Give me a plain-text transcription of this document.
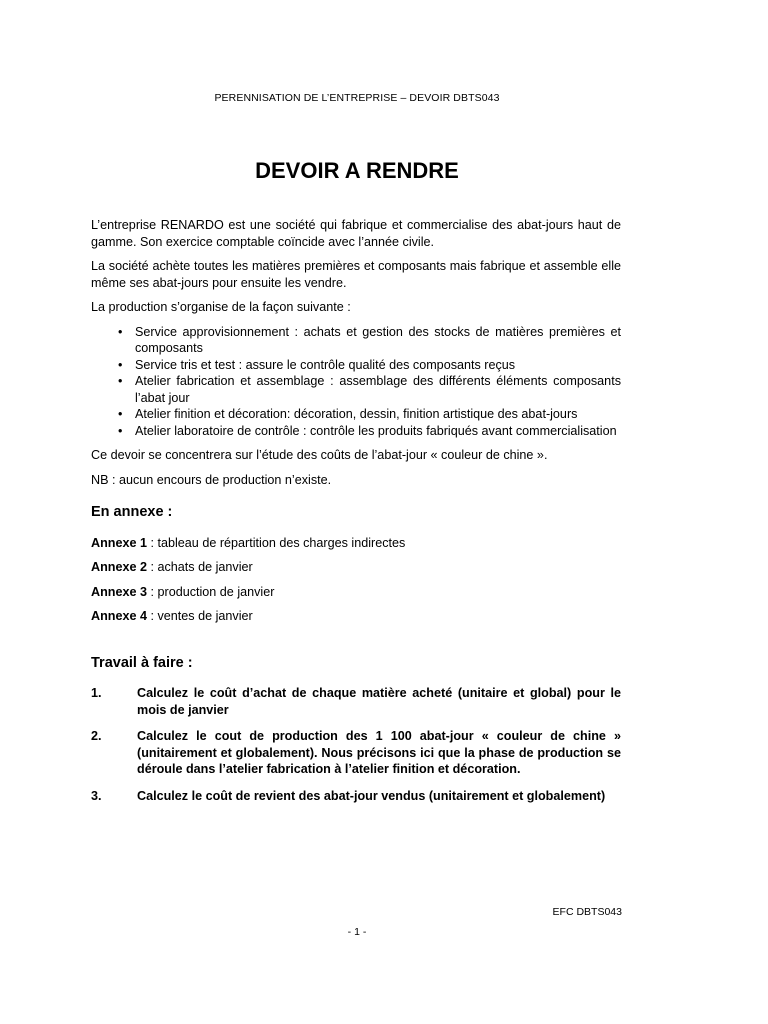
PERENNISATION DE L’ENTREPRISE – DEVOIR DBTS043
DEVOIR A RENDRE

L’entreprise RENARDO est une société qui fabrique et commercialise des abat-jours haut de gamme. Son exercice comptable coïncide avec l’année civile.

La société achète toutes les matières premières et composants mais fabrique et assemble elle même ses abat-jours pour ensuite les vendre.

La production s’organise de la façon suivante :

• Service approvisionnement : achats et gestion des stocks de matières premières et composants
• Service tris et test : assure le contrôle qualité des composants reçus
• Atelier fabrication et assemblage : assemblage des différents éléments composants l’abat jour
• Atelier finition et décoration: décoration, dessin, finition artistique des abat-jours
• Atelier laboratoire de contrôle : contrôle les produits fabriqués avant commercialisation

Ce devoir se concentrera sur l’étude des coûts de l’abat-jour « couleur de chine ».

NB : aucun encours de production n’existe.

En annexe :
Annexe 1 : tableau de répartition des charges indirectes
Annexe 2 : achats de janvier
Annexe 3 : production de janvier
Annexe 4 : ventes de janvier
Travail à faire :
1.	Calculez le coût d’achat de chaque matière acheté (unitaire et global) pour le mois de janvier
2.	Calculez le cout de production des 1 100 abat-jour « couleur de chine » (unitairement et globalement). Nous précisons ici que la phase de production se déroule dans l’atelier fabrication à l’atelier finition et décoration.
3.	Calculez le coût de revient des abat-jour vendus (unitairement et globalement)
EFC DBTS043
- 1 -
